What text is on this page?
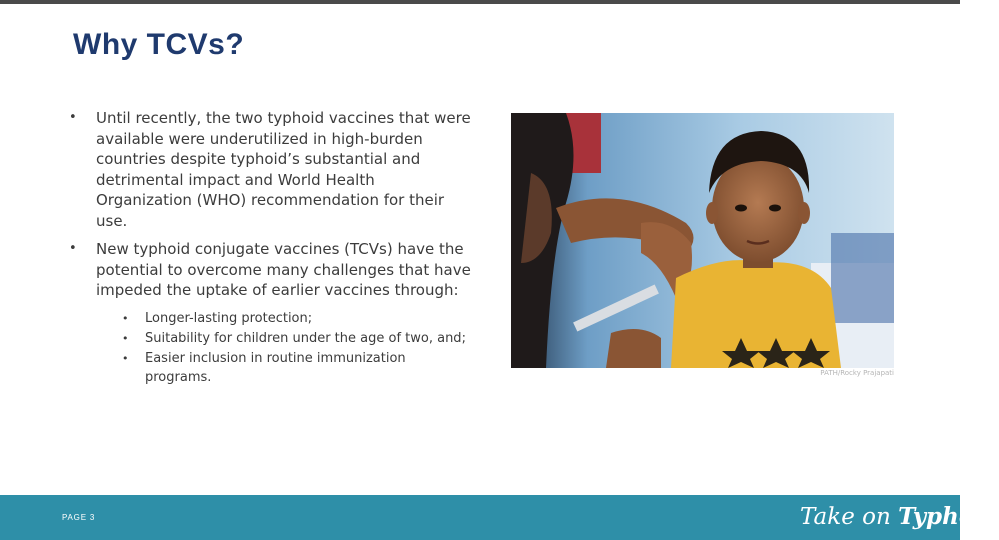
Why TCVs?
• Until recently, the two typhoid vaccines that were available were underutilized in high-burden countries despite typhoid’s substantial and detrimental impact and World Health Organization (WHO) recommendation for their use.
• New typhoid conjugate vaccines (TCVs) have the potential to overcome many challenges that have impeded the uptake of earlier vaccines through:
• Longer-lasting protection;
• Suitability for children under the age of two, and;
• Easier inclusion in routine immunization programs.	PATH/Rocky Prajapati
PAGE 3	Take on Typhoid
